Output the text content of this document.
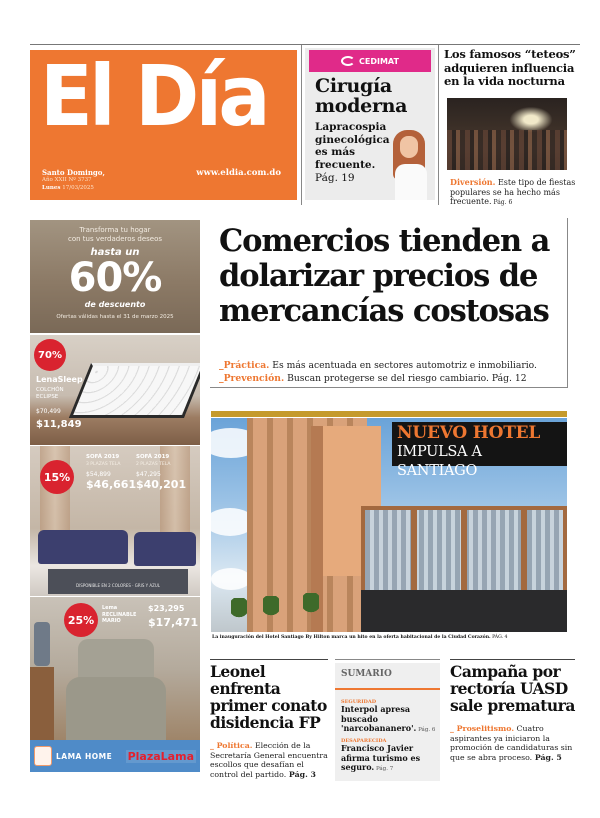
El Día
Santo Domingo,
Año XXII Nº 3737
Lunes 17/03/2025
www.eldia.com.do
CEDIMAT
Cirugía
moderna
Lapracospia ginecológica es más frecuente.
Pág. 19
Los famosos “teteos” adquieren influencia en la vida nocturna
Diversión. Este tipo de fiestas populares se ha hecho más frecuente. Pág. 6
Transforma tu hogar
con tus verdaderos deseos
hasta un
60%
de descuento
Ofertas válidas hasta el 31 de marzo 2025
70%
LenaSleep
COLCHÓN
ECLIPSE
$70,499
$11,849
15%
SOFÁ 2019
3 PLAZAS TELA
$54,899
$46,661
SOFÁ 2019
2 PLAZAS TELA
$47,295
$40,201
DISPONIBLE EN 2 COLORES · GRIS Y AZUL
25%
Lema
RECLINABLE
MARIO
$23,295
$17,471
LAMA HOME PlazaLama
Comercios tienden a dolarizar precios de mercancías costosas
_Práctica. Es más acentuada en sectores automotriz e inmobiliario.
_Prevención. Buscan protegerse se del riesgo cambiario. Pág. 12
NUEVO HOTEL
IMPULSA A SANTIAGO
La inauguración del Hotel Santiago By Hilton marca un hito en la oferta habitacional de la Ciudad Corazón. PÁG. 4
Leonel enfrenta primer conato disidencia FP
_ Política. Elección de la Secretaría General encuentra escollos que desafían el control del partido. Pág. 3
SUMARIO
SEGURIDAD
Interpol apresa buscado 'narcobananero'. Pág. 6
DESAPARECIDA
Francisco Javier afirma turismo es seguro. Pág. 7
Campaña por rectoría UASD sale prematura
_ Proselitismo. Cuatro aspirantes ya iniciaron la promoción de candidaturas sin que se abra proceso. Pág. 5
